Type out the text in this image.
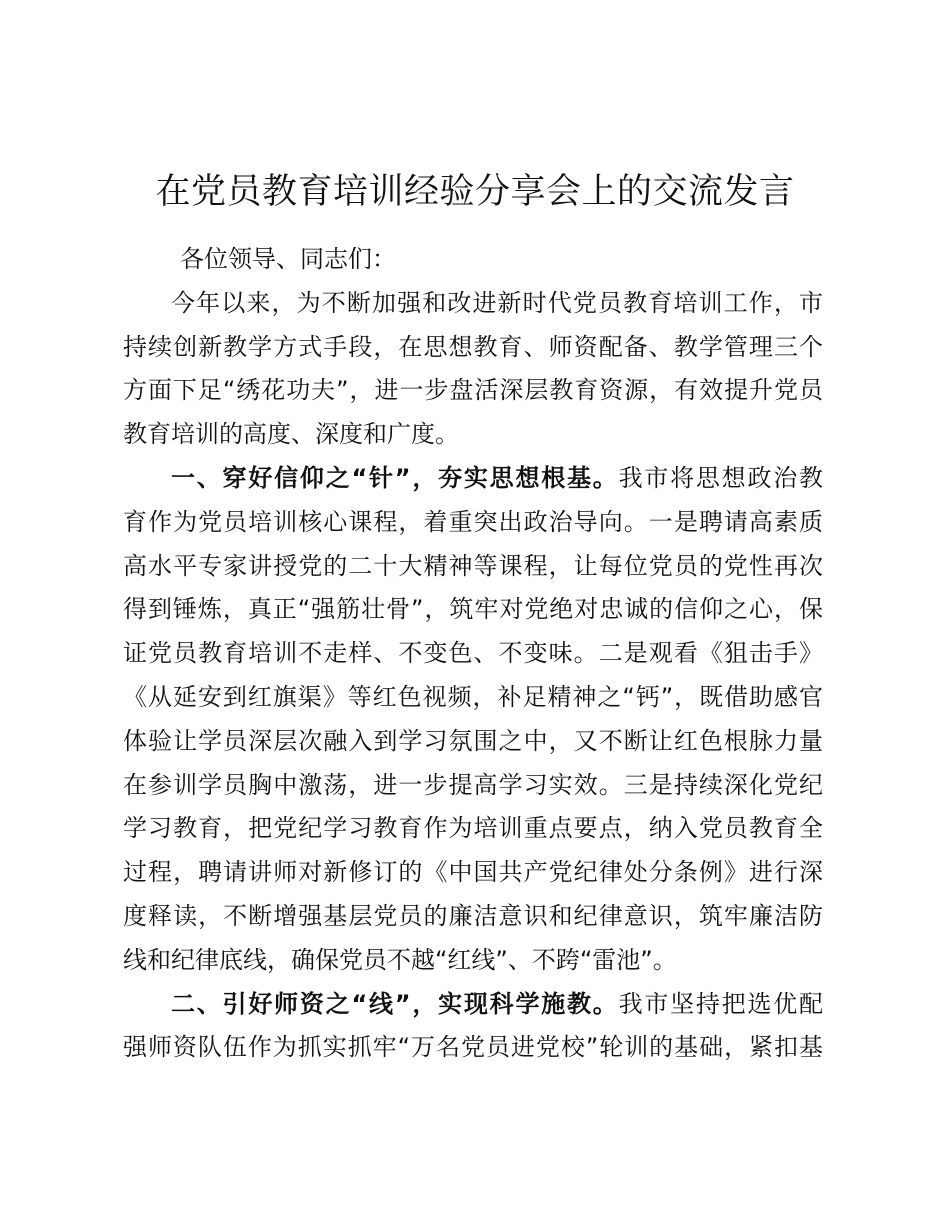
在党员教育培训经验分享会上的交流发言
各位领导、同志们：
今年以来，为不断加强和改进新时代党员教育培训工作，市
持续创新教学方式手段，在思想教育、师资配备、教学管理三个
方面下足“绣花功夫”，进一步盘活深层教育资源，有效提升党员
教育培训的高度、深度和广度。
一、穿好信仰之“针”，夯实思想根基。我市将思想政治教
育作为党员培训核心课程，着重突出政治导向。一是聘请高素质
高水平专家讲授党的二十大精神等课程，让每位党员的党性再次
得到锤炼，真正“强筋壮骨”，筑牢对党绝对忠诚的信仰之心，保
证党员教育培训不走样、不变色、不变味。二是观看《狙击手》
《从延安到红旗渠》等红色视频，补足精神之“钙”，既借助感官
体验让学员深层次融入到学习氛围之中，又不断让红色根脉力量
在参训学员胸中激荡，进一步提高学习实效。三是持续深化党纪
学习教育，把党纪学习教育作为培训重点要点，纳入党员教育全
过程，聘请讲师对新修订的《中国共产党纪律处分条例》进行深
度释读，不断增强基层党员的廉洁意识和纪律意识，筑牢廉洁防
线和纪律底线，确保党员不越“红线”、不跨“雷池”。
二、引好师资之“线”，实现科学施教。我市坚持把选优配
强师资队伍作为抓实抓牢“万名党员进党校”轮训的基础，紧扣基
